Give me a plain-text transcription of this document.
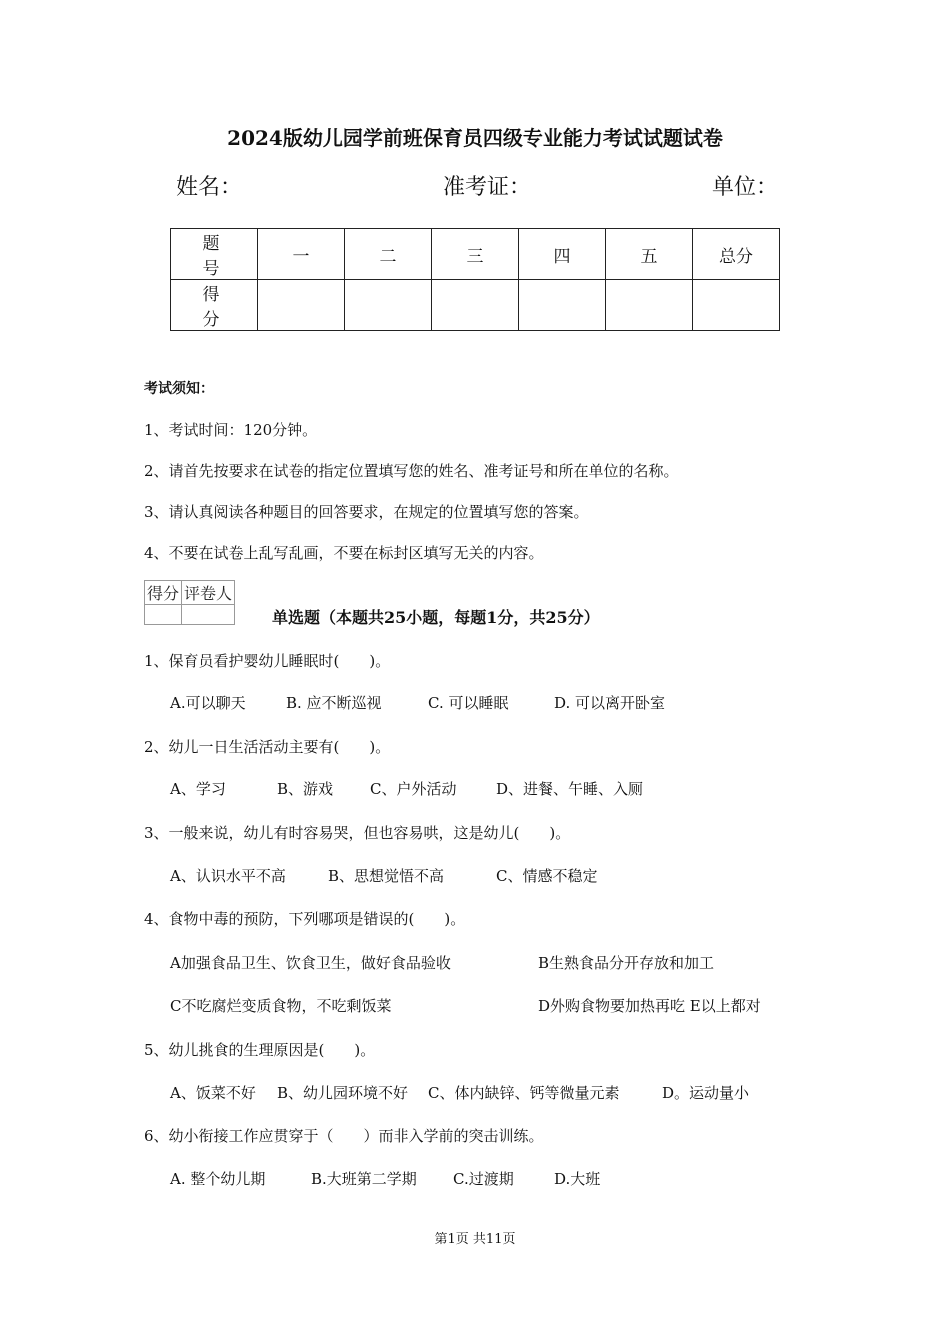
2024版幼儿园学前班保育员四级专业能力考试试题试卷
姓名：	准考证：	单位：
题号	一	二	三	四	五	总分
得分						
考试须知：
1、考试时间：120分钟。
2、请首先按要求在试卷的指定位置填写您的姓名、准考证号和所在单位的名称。
3、请认真阅读各种题目的回答要求，在规定的位置填写您的答案。
4、不要在试卷上乱写乱画，不要在标封区填写无关的内容。
得分	评卷人

单选题（本题共25小题，每题1分，共25分）
1、保育员看护婴幼儿睡眠时(　　)。
A.可以聊天	B. 应不断巡视	C. 可以睡眠	D. 可以离开卧室
2、幼儿一日生活活动主要有(　　)。
A、学习	B、游戏 C、户外活动	D、进餐、午睡、入厕
3、一般来说，幼儿有时容易哭，但也容易哄，这是幼儿(　　)。
A、认识水平不高	B、思想觉悟不高	C、情感不稳定
4、食物中毒的预防，下列哪项是错误的(　　)。
A加强食品卫生、饮食卫生，做好食品验收	B生熟食品分开存放和加工
C不吃腐烂变质食物，不吃剩饭菜	D外购食物要加热再吃 E以上都对
5、幼儿挑食的生理原因是(　　)。
A、饭菜不好 B、幼儿园环境不好 C、体内缺锌、钙等微量元素	D。运动量小
6、幼小衔接工作应贯穿于（　　）而非入学前的突击训练。
A. 整个幼儿期	B.大班第二学期 C.过渡期	D.大班
第1页 共11页
